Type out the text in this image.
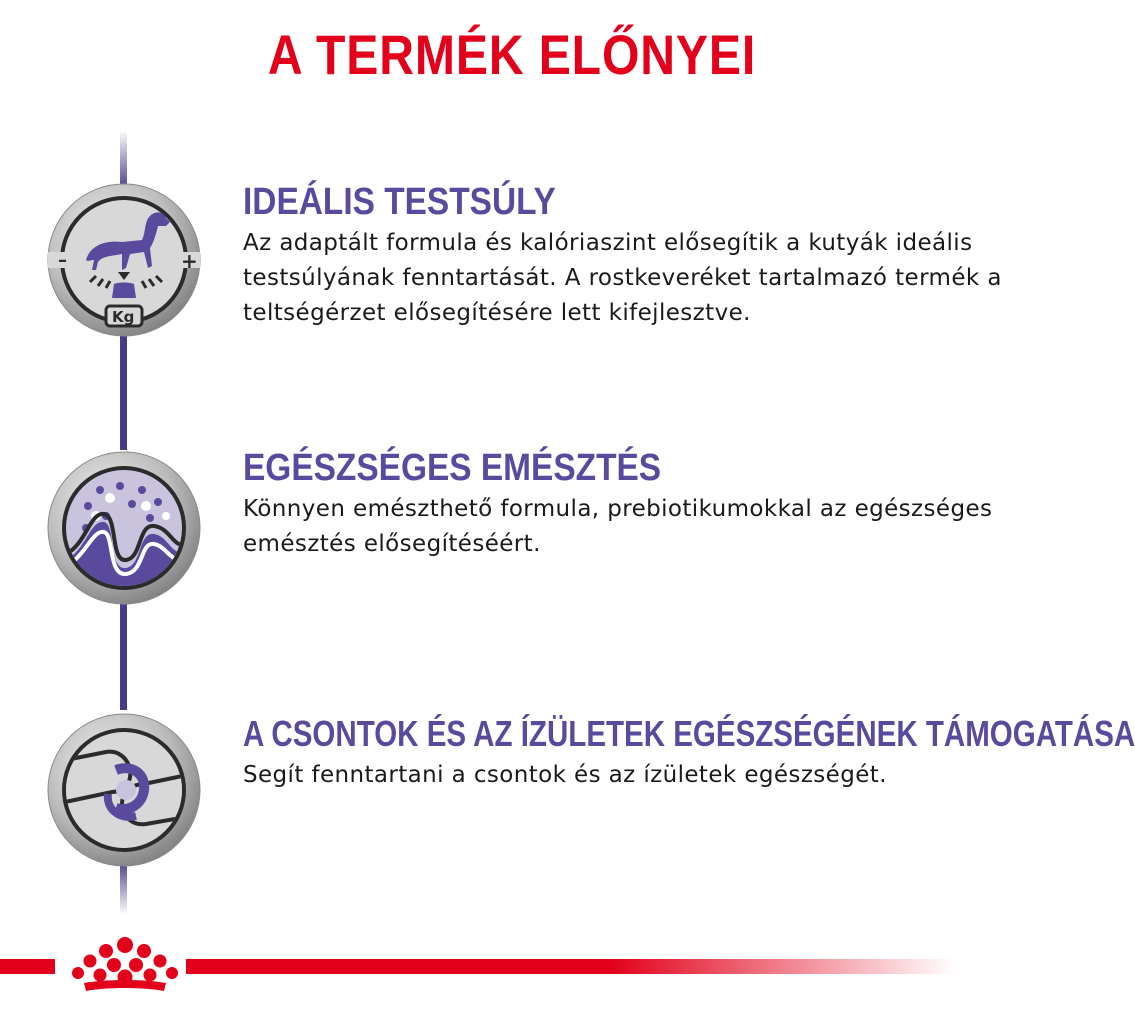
A TERMÉK ELŐNYEI
–	+
Kg
IDEÁLIS TESTSÚLY

Az adaptált formula és kalóriaszint elősegítik a kutyák ideális testsúlyának fenntartását. A rostkeveréket tartalmazó termék a teltségérzet elősegítésére lett kifejlesztve.

EGÉSZSÉGES EMÉSZTÉS

Könnyen emészthető formula, prebiotikumokkal az egészséges emésztés elősegítéséért.

A CSONTOK ÉS AZ ÍZÜLETEK EGÉSZSÉGÉNEK TÁMOGATÁSA

Segít fenntartani a csontok és az ízületek egészségét.
